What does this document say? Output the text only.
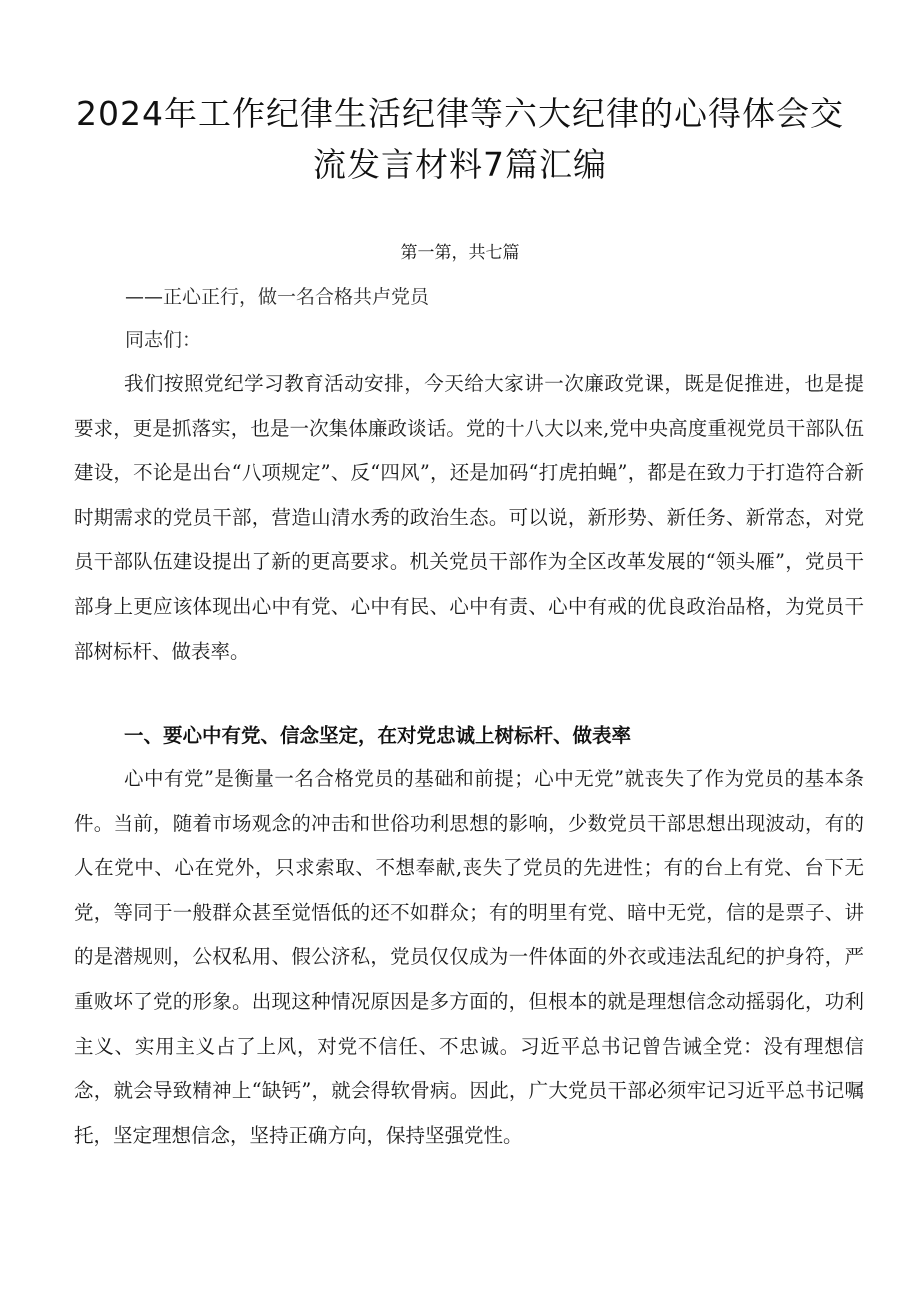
2024年工作纪律生活纪律等六大纪律的心得体会交流发言材料7篇汇编
第一第，共七篇
——正心正行，做一名合格共卢党员
同志们：

我们按照党纪学习教育活动安排，今天给大家讲一次廉政党课，既是促推进，也是提要求，更是抓落实，也是一次集体廉政谈话。党的十八大以来,党中央高度重视党员干部队伍建设，不论是出台“八项规定”、反“四风”，还是加码“打虎拍蝇”，都是在致力于打造符合新时期需求的党员干部，营造山清水秀的政治生态。可以说，新形势、新任务、新常态，对党员干部队伍建设提出了新的更高要求。机关党员干部作为全区改革发展的“领头雁”，党员干部身上更应该体现出心中有党、心中有民、心中有责、心中有戒的优良政治品格，为党员干部树标杆、做表率。

一、要心中有党、信念坚定，在对党忠诚上树标杆、做表率

心中有党”是衡量一名合格党员的基础和前提；心中无党”就丧失了作为党员的基本条件。当前，随着市场观念的冲击和世俗功利思想的影响，少数党员干部思想出现波动，有的人在党中、心在党外，只求索取、不想奉献,丧失了党员的先进性；有的台上有党、台下无党，等同于一般群众甚至觉悟低的还不如群众；有的明里有党、暗中无党，信的是票子、讲的是潜规则，公权私用、假公济私，党员仅仅成为一件体面的外衣或违法乱纪的护身符，严重败坏了党的形象。出现这种情况原因是多方面的，但根本的就是理想信念动摇弱化，功利主义、实用主义占了上风，对党不信任、不忠诚。习近平总书记曾告诫全党：没有理想信念，就会导致精神上“缺钙”，就会得软骨病。因此，广大党员干部必须牢记习近平总书记嘱托，坚定理想信念，坚持正确方向，保持坚强党性。
